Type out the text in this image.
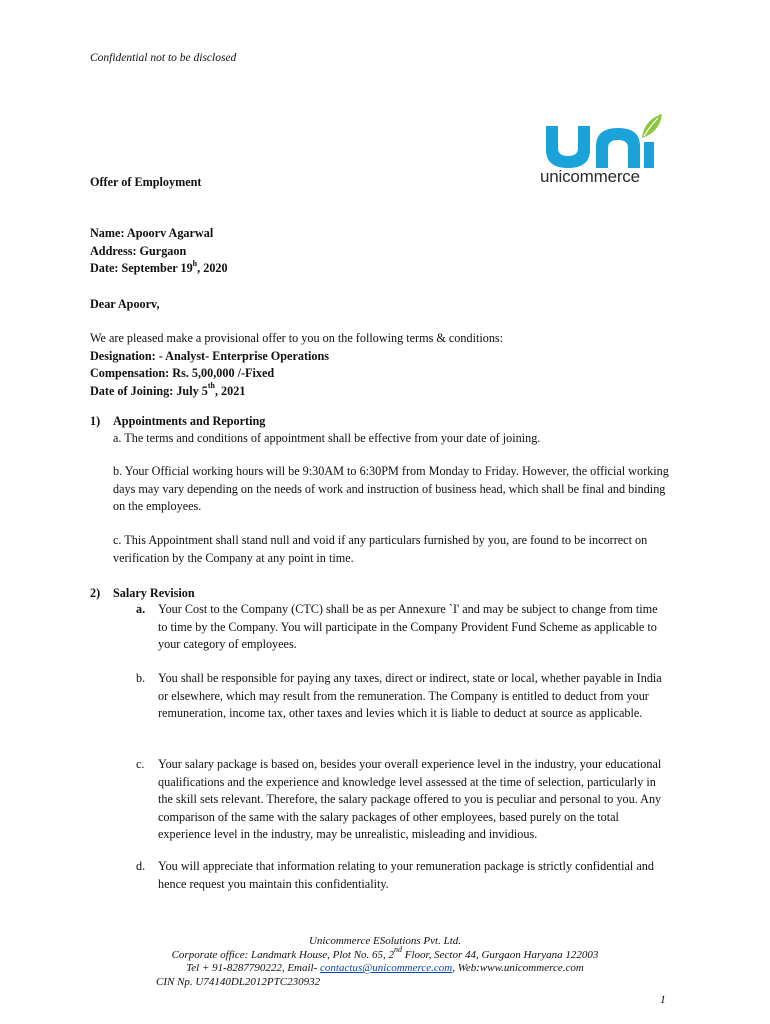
Confidential not to be disclosed
unicommerce
Offer of Employment
Name: Apoorv Agarwal
Address: Gurgaon
Date: September 19$^h$, 2020
Dear Apoorv,
We are pleased make a provisional offer to you on the following terms & conditions:
Designation: - Analyst- Enterprise Operations
Compensation: Rs. 5,00,000 /-Fixed
Date of Joining: July 5th, 2021
1) Appointments and Reporting
a. The terms and conditions of appointment shall be effective from your date of joining.
b. Your Official working hours will be 9:30AM to 6:30PM from Monday to Friday. However, the official working days may vary depending on the needs of work and instruction of business head, which shall be final and binding on the employees.
c. This Appointment shall stand null and void if any particulars furnished by you, are found to be incorrect on verification by the Company at any point in time.
2) Salary Revision
a.	Your Cost to the Company (CTC) shall be as per Annexure `I' and may be subject to change from time to time by the Company. You will participate in the Company Provident Fund Scheme as applicable to your category of employees.
b.	You shall be responsible for paying any taxes, direct or indirect, state or local, whether payable in India or elsewhere, which may result from the remuneration. The Company is entitled to deduct from your remuneration, income tax, other taxes and levies which it is liable to deduct at source as applicable.
c.	Your salary package is based on, besides your overall experience level in the industry, your educational qualifications and the experience and knowledge level assessed at the time of selection, particularly in the skill sets relevant. Therefore, the salary package offered to you is peculiar and personal to you. Any comparison of the same with the salary packages of other employees, based purely on the total experience level in the industry, may be unrealistic, misleading and invidious.
d.	You will appreciate that information relating to your remuneration package is strictly confidential and hence request you maintain this confidentiality.
Unicommerce ESolutions Pvt. Ltd.
Corporate office: Landmark House, Plot No. 65, 2nd Floor, Sector 44, Gurgaon Haryana 122003
Tel + 91-8287790222, Email- contactus@unicommerce.com, Web:www.unicommerce.com
CIN Np. U74140DL2012PTC230932
1
